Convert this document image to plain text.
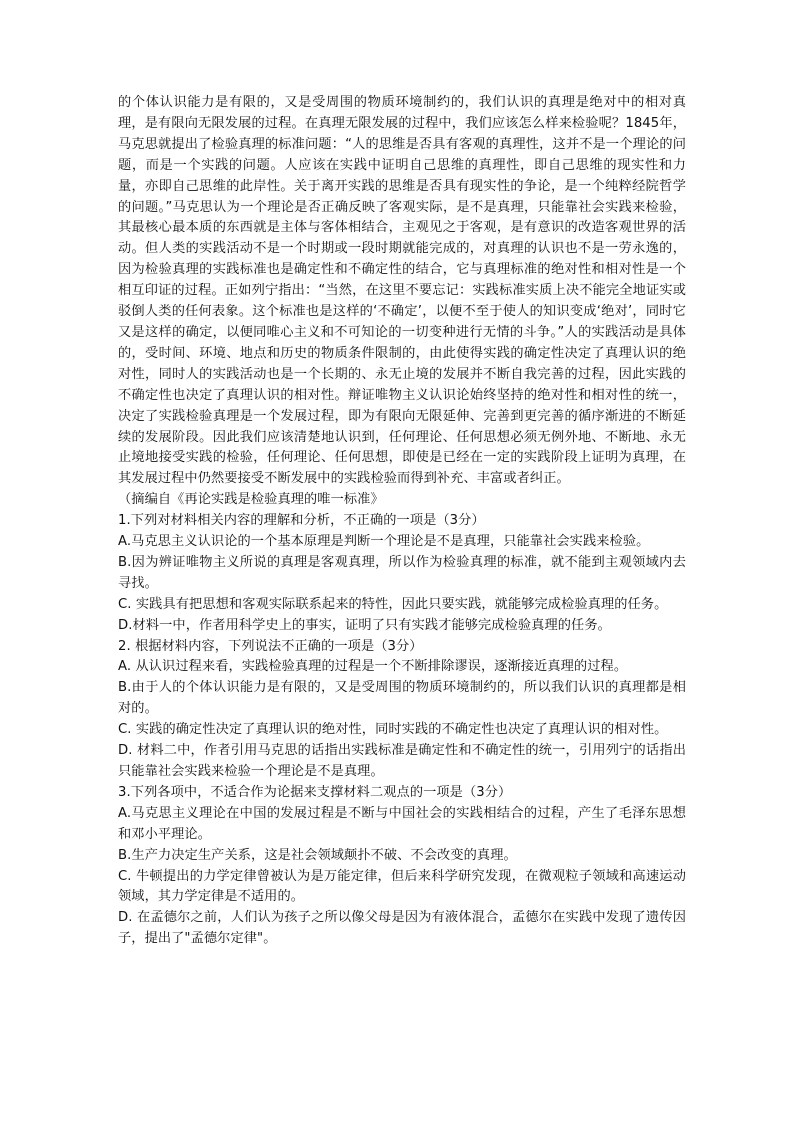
的个体认识能力是有限的，又是受周围的物质环境制约的，我们认识的真理是绝对中的相对真理，是有限向无限发展的过程。在真理无限发展的过程中，我们应该怎么样来检验呢？1845年，马克思就提出了检验真理的标准问题：“人的思维是否具有客观的真理性，这并不是一个理论的问题，而是一个实践的问题。人应该在实践中证明自己思维的真理性，即自己思维的现实性和力量，亦即自己思维的此岸性。关于离开实践的思维是否具有现实性的争论，是一个纯粹经院哲学的问题。”马克思认为一个理论是否正确反映了客观实际，是不是真理，只能靠社会实践来检验，其最核心最本质的东西就是主体与客体相结合，主观见之于客观，是有意识的改造客观世界的活动。但人类的实践活动不是一个时期或一段时期就能完成的，对真理的认识也不是一劳永逸的，因为检验真理的实践标准也是确定性和不确定性的结合，它与真理标准的绝对性和相对性是一个相互印证的过程。正如列宁指出：“当然，在这里不要忘记：实践标准实质上决不能完全地证实或驳倒人类的任何表象。这个标准也是这样的‘不确定’，以便不至于使人的知识变成‘绝对’，同时它又是这样的确定，以便同唯心主义和不可知论的一切变种进行无情的斗争。”人的实践活动是具体的，受时间、环境、地点和历史的物质条件限制的，由此使得实践的确定性决定了真理认识的绝对性，同时人的实践活动也是一个长期的、永无止境的发展并不断自我完善的过程，因此实践的不确定性也决定了真理认识的相对性。辩证唯物主义认识论始终坚持的绝对性和相对性的统一，决定了实践检验真理是一个发展过程，即为有限向无限延伸、完善到更完善的循序渐进的不断延续的发展阶段。因此我们应该清楚地认识到，任何理论、任何思想必须无例外地、不断地、永无止境地接受实践的检验，任何理论、任何思想，即使是已经在一定的实践阶段上证明为真理，在其发展过程中仍然要接受不断发展中的实践检验而得到补充、丰富或者纠正。

（摘编自《再论实践是检验真理的唯一标准》

1.下列对材料相关内容的理解和分析，不正确的一项是（3分）

A.马克思主义认识论的一个基本原理是判断一个理论是不是真理，只能靠社会实践来检验。

B.因为辨证唯物主义所说的真理是客观真理，所以作为检验真理的标准，就不能到主观领域内去寻找。

C. 实践具有把思想和客观实际联系起来的特性，因此只要实践，就能够完成检验真理的任务。

D.材料一中，作者用科学史上的事实，证明了只有实践才能够完成检验真理的任务。

2. 根据材料内容，下列说法不正确的一项是（3分）

A. 从认识过程来看，实践检验真理的过程是一个不断排除谬误，逐渐接近真理的过程。

B.由于人的个体认识能力是有限的，又是受周围的物质环境制约的，所以我们认识的真理都是相对的。

C. 实践的确定性决定了真理认识的绝对性，同时实践的不确定性也决定了真理认识的相对性。

D. 材料二中，作者引用马克思的话指出实践标准是确定性和不确定性的统一，引用列宁的话指出只能靠社会实践来检验一个理论是不是真理。

3.下列各项中，不适合作为论据来支撑材料二观点的一项是（3分）

A.马克思主义理论在中国的发展过程是不断与中国社会的实践相结合的过程，产生了毛泽东思想和邓小平理论。

B.生产力决定生产关系，这是社会领域颠扑不破、不会改变的真理。

C. 牛顿提出的力学定律曾被认为是万能定律，但后来科学研究发现，在微观粒子领域和高速运动领域，其力学定律是不适用的。

D. 在孟德尔之前，人们认为孩子之所以像父母是因为有液体混合，孟德尔在实践中发现了遗传因子，提出了"孟德尔定律"。
